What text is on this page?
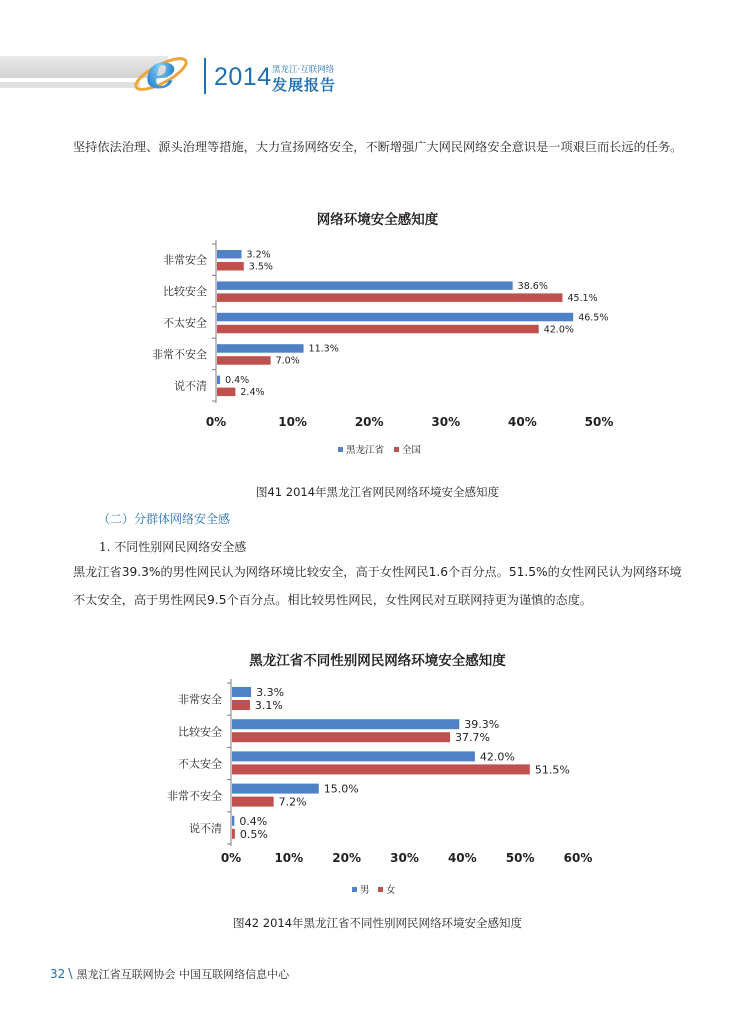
e 2014 黑龙江·互联网络
发展报告

坚持依法治理、源头治理等措施，大力宣扬网络安全，不断增强广大网民网络安全意识是一项艰巨而长远的任务。

网络环境安全感知度

非常安全	3.2%
3.5%
比较安全	38.6%
45.1%
不太安全	46.5%
42.0%
非常不安全	11.3%
7.0%
说不清 0.4%
2.4%
0%	10%	20%	30%	40%	50%
黑龙江省 全国

图41 2014年黑龙江省网民网络环境安全感知度

（二）分群体网络安全感

1. 不同性别网民网络安全感

黑龙江省39.3%的男性网民认为网络环境比较安全，高于女性网民1.6个百分点。51.5%的女性网民认为网络环境不太安全，高于男性网民9.5个百分点。相比较男性网民，女性网民对互联网持更为谨慎的态度。

黑龙江省不同性别网民网络环境安全感知度

非常安全
3.3%
3.1%
比较安全
39.3%
37.7%
不太安全
42.0%
51.5%
非常不安全
15.0%
7.2%
说不清
0.4%
0.5%
0%	10% 20% 30% 40% 50% 60%
男 女

图42 2014年黑龙江省不同性别网民网络环境安全感知度

32 \ 黑龙江省互联网协会 中国互联网络信息中心
